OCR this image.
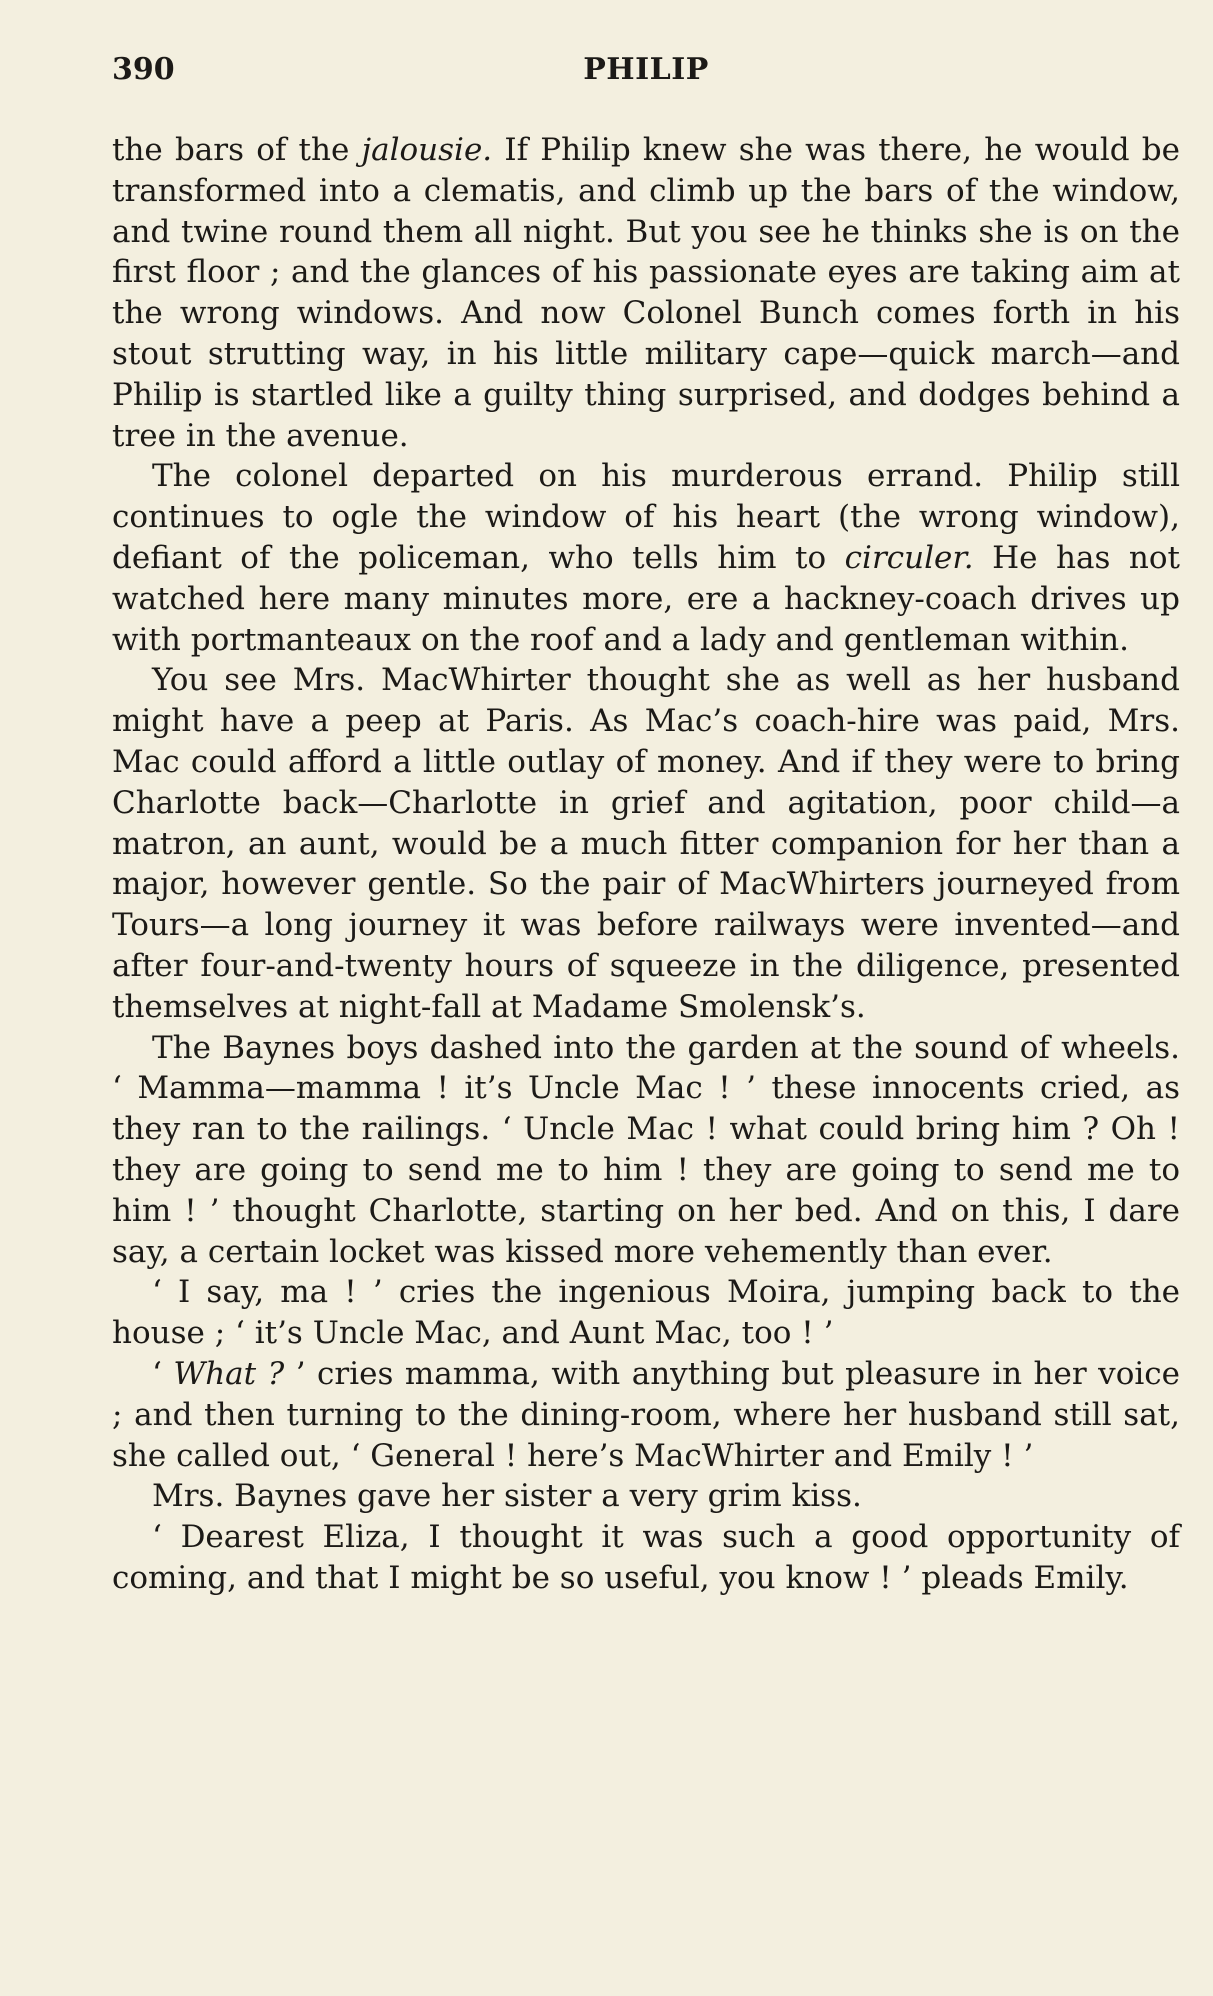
390	PHILIP

the bars of the jalousie. If Philip knew she was there, he would be transformed into a clematis, and climb up the bars of the window, and twine round them all night. But you see he thinks she is on the first floor ; and the glances of his passionate eyes are taking aim at the wrong windows. And now Colonel Bunch comes forth in his stout strutting way, in his little military cape—quick march—and Philip is startled like a guilty thing surprised, and dodges behind a tree in the avenue.

The colonel departed on his murderous errand. Philip still continues to ogle the window of his heart (the wrong window), defiant of the policeman, who tells him to circuler. He has not watched here many minutes more, ere a hackney-coach drives up with portmanteaux on the roof and a lady and gentleman within.

You see Mrs. MacWhirter thought she as well as her husband might have a peep at Paris. As Mac’s coach-hire was paid, Mrs. Mac could afford a little outlay of money. And if they were to bring Charlotte back—Charlotte in grief and agitation, poor child—a matron, an aunt, would be a much fitter companion for her than a major, however gentle. So the pair of MacWhirters journeyed from Tours—a long journey it was before railways were invented—and after four-and-twenty hours of squeeze in the diligence, presented themselves at night-fall at Madame Smolensk’s.

The Baynes boys dashed into the garden at the sound of wheels. ‘ Mamma—mamma ! it’s Uncle Mac ! ’ these innocents cried, as they ran to the railings. ‘ Uncle Mac ! what could bring him ? Oh ! they are going to send me to him ! they are going to send me to him ! ’ thought Charlotte, starting on her bed. And on this, I dare say, a certain locket was kissed more vehemently than ever.

‘ I say, ma ! ’ cries the ingenious Moira, jumping back to the house ; ‘ it’s Uncle Mac, and Aunt Mac, too ! ’

‘ What ? ’ cries mamma, with anything but pleasure in her voice ; and then turning to the dining-room, where her husband still sat, she called out, ‘ General ! here’s MacWhirter and Emily ! ’

Mrs. Baynes gave her sister a very grim kiss.

‘ Dearest Eliza, I thought it was such a good opportunity of coming, and that I might be so useful, you know ! ’ pleads Emily.
